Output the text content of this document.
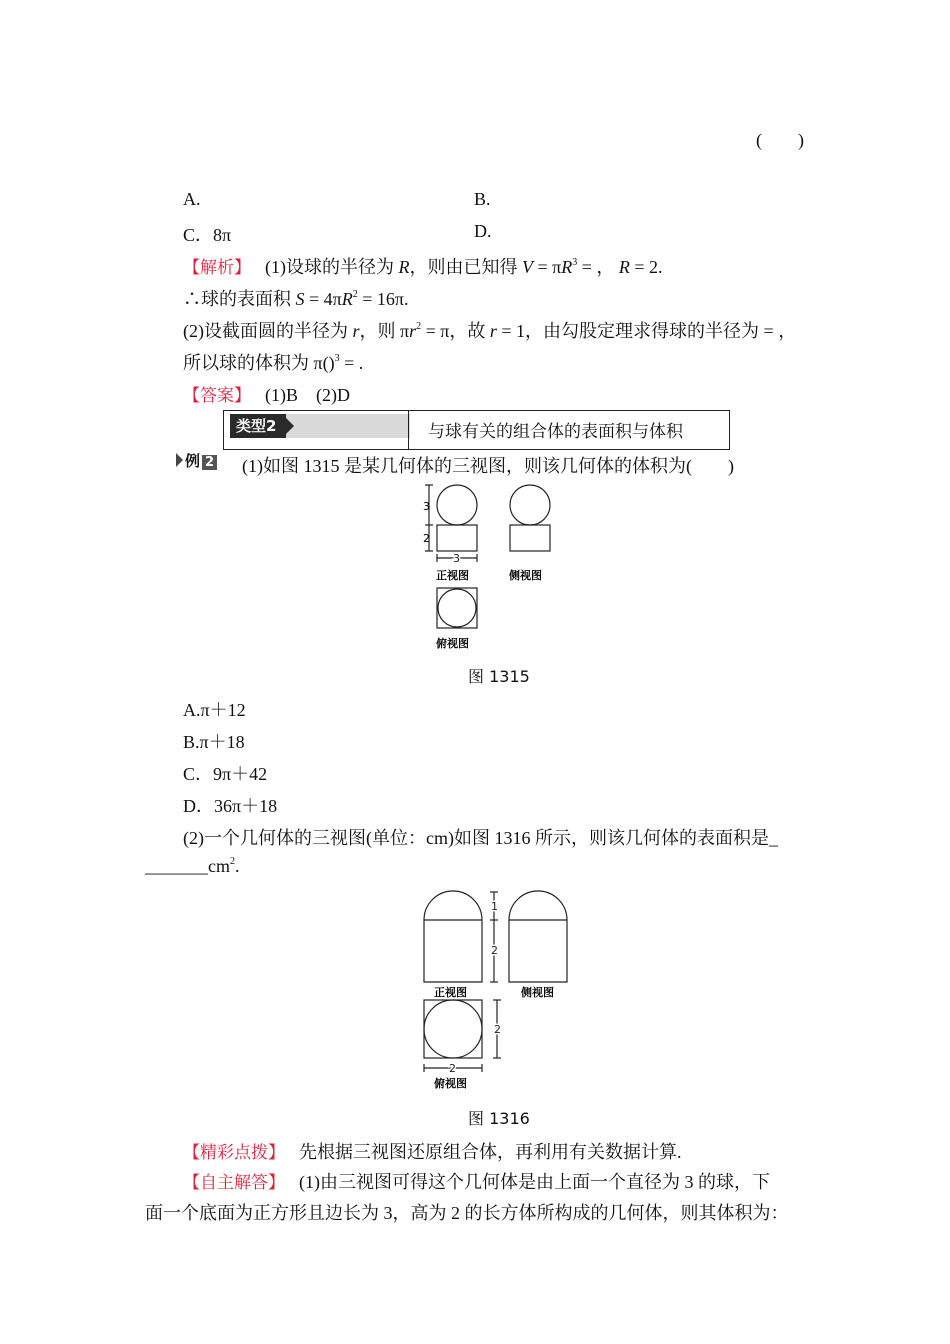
(　　)
A.	B.
C．8π	D.
【解析】　 (1)设球的半径为 R，则由已知得 $V = \pi R^3$ = ， R = 2.
∴球的表面积 $S = 4\pi R^2 = 16\pi$.
(2)设截面圆的半径为 r，则 $\pi r^2 = \pi$，故 r = 1，由勾股定理求得球的半径为 = ，
所以球的体积为 π()$^3$ = .
【答案】　 (1)B　(2)D
类型2	与球有关的组合体的表面积与体积
例 2 (1)如图 1315 是某几何体的三视图，则该几何体的体积为(　　)
3
2
3
正视图	侧视图
俯视图
图 1315
A.π＋12
B.π＋18
C．9π＋42
D．36π＋18
(2)一个几何体的三视图(单位：cm)如图 1316 所示，则该几何体的表面积是_
$\_\_\_\_\_\_\_cm^2$.
1
2
2
2
正视图	侧视图
俯视图
图 1316
【精彩点拨】　 先根据三视图还原组合体，再利用有关数据计算.
【自主解答】　 (1)由三视图可得这个几何体是由上面一个直径为 3 的球，下
面一个底面为正方形且边长为 3，高为 2 的长方体所构成的几何体，则其体积为：
